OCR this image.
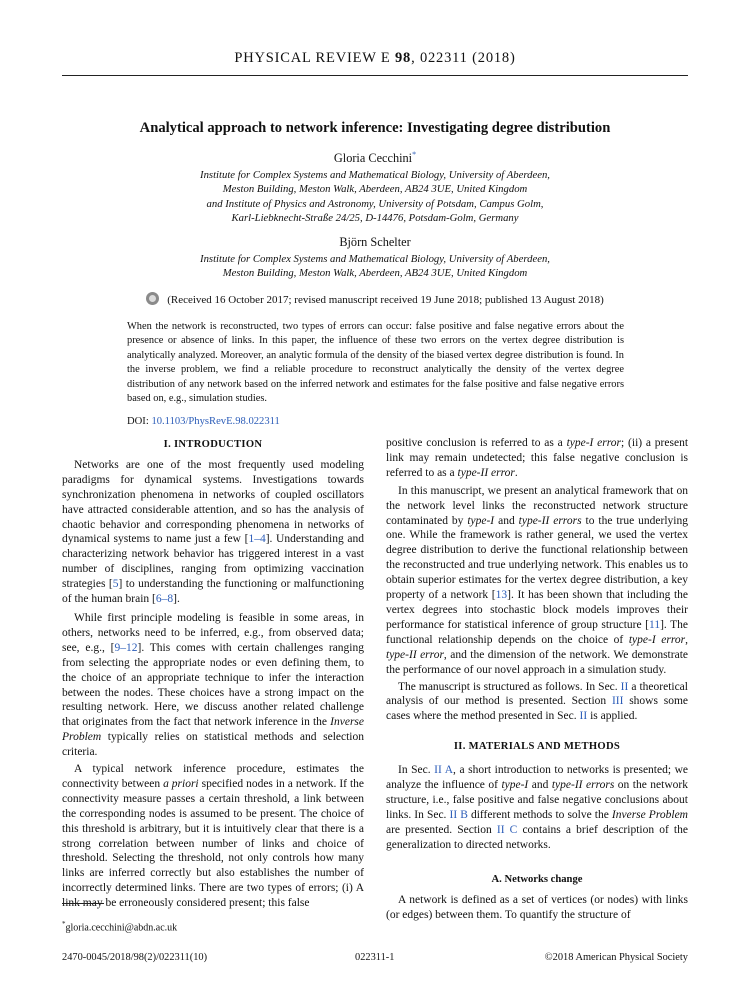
PHYSICAL REVIEW E 98, 022311 (2018)
Analytical approach to network inference: Investigating degree distribution
Gloria Cecchini*
Institute for Complex Systems and Mathematical Biology, University of Aberdeen,
Meston Building, Meston Walk, Aberdeen, AB24 3UE, United Kingdom
and Institute of Physics and Astronomy, University of Potsdam, Campus Golm,
Karl-Liebknecht-Straße 24/25, D-14476, Potsdam-Golm, Germany
Björn Schelter
Institute for Complex Systems and Mathematical Biology, University of Aberdeen,
Meston Building, Meston Walk, Aberdeen, AB24 3UE, United Kingdom
(Received 16 October 2017; revised manuscript received 19 June 2018; published 13 August 2018)
When the network is reconstructed, two types of errors can occur: false positive and false negative errors about the presence or absence of links. In this paper, the influence of these two errors on the vertex degree distribution is analytically analyzed. Moreover, an analytic formula of the density of the biased vertex degree distribution is found. In the inverse problem, we find a reliable procedure to reconstruct analytically the density of the vertex degree distribution of any network based on the inferred network and estimates for the false positive and false negative errors based on, e.g., simulation studies.
DOI: 10.1103/PhysRevE.98.022311
I. INTRODUCTION

Networks are one of the most frequently used modeling paradigms for dynamical systems. Investigations towards synchronization phenomena in networks of coupled oscillators have attracted considerable attention, and so has the analysis of chaotic behavior and corresponding phenomena in networks of dynamical systems to name just a few [1–4]. Understanding and characterizing network behavior has triggered interest in a vast number of disciplines, ranging from optimizing vaccination strategies [5] to understanding the functioning or malfunctioning of the human brain [6–8].

While first principle modeling is feasible in some areas, in others, networks need to be inferred, e.g., from observed data; see, e.g., [9–12]. This comes with certain challenges ranging from selecting the appropriate nodes or even defining them, to the choice of an appropriate technique to infer the interaction between the nodes. These choices have a strong impact on the resulting network. Here, we discuss another related challenge that originates from the fact that network inference in the Inverse Problem typically relies on statistical methods and selection criteria.

A typical network inference procedure, estimates the connectivity between a priori specified nodes in a network. If the connectivity measure passes a certain threshold, a link between the corresponding nodes is assumed to be present. The choice of this threshold is arbitrary, but it is intuitively clear that there is a strong correlation between number of links and choice of threshold. Selecting the threshold, not only controls how many links are inferred correctly but also establishes the number of incorrectly determined links. There are two types of errors; (i) A link may be erroneously considered present; this false

positive conclusion is referred to as a type-I error; (ii) a present link may remain undetected; this false negative conclusion is referred to as a type-II error.

In this manuscript, we present an analytical framework that on the network level links the reconstructed network structure contaminated by type-I and type-II errors to the true underlying one. While the framework is rather general, we used the vertex degree distribution to derive the functional relationship between the reconstructed and true underlying network. This enables us to obtain superior estimates for the vertex degree distribution, a key property of a network [13]. It has been shown that including the vertex degrees into stochastic block models improves their performance for statistical inference of group structure [11]. The functional relationship depends on the choice of type-I error, type-II error, and the dimension of the network. We demonstrate the performance of our novel approach in a simulation study.

The manuscript is structured as follows. In Sec. II a theoretical analysis of our method is presented. Section III shows some cases where the method presented in Sec. II is applied.

II. MATERIALS AND METHODS

In Sec. II A, a short introduction to networks is presented; we analyze the influence of type-I and type-II errors on the network structure, i.e., false positive and false negative conclusions about links. In Sec. II B different methods to solve the Inverse Problem are presented. Section II C contains a brief description of the generalization to directed networks.

A. Networks change

A network is defined as a set of vertices (or nodes) with links (or edges) between them. To quantify the structure of

*gloria.cecchini@abdn.ac.uk
2470-0045/2018/98(2)/022311(10)	022311-1	©2018 American Physical Society
